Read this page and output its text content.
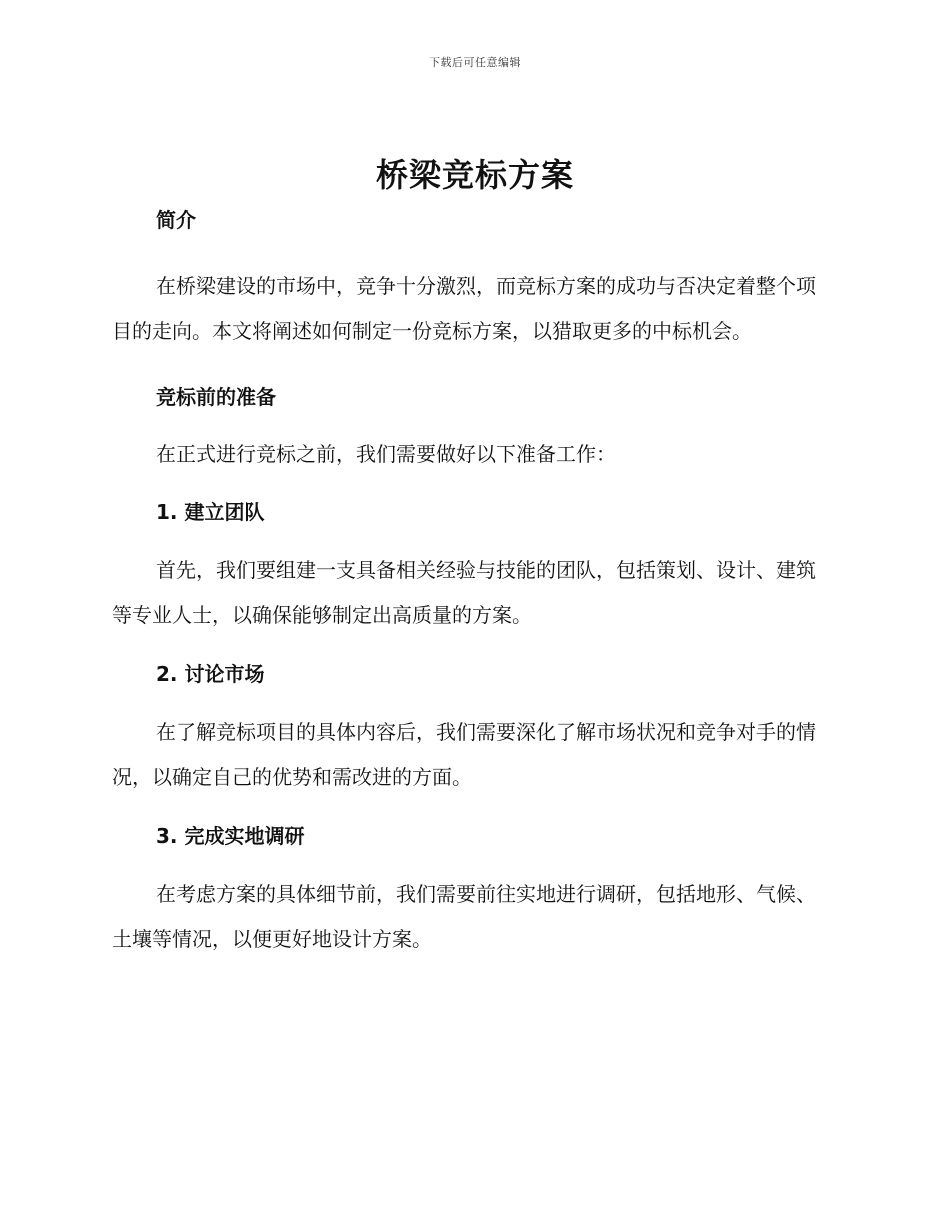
下载后可任意编辑
桥梁竞标方案
简介

在桥梁建设的市场中，竞争十分激烈，而竞标方案的成功与否决定着整个项目的走向。本文将阐述如何制定一份竞标方案，以猎取更多的中标机会。

竞标前的准备

在正式进行竞标之前，我们需要做好以下准备工作：

1. 建立团队

首先，我们要组建一支具备相关经验与技能的团队，包括策划、设计、建筑等专业人士，以确保能够制定出高质量的方案。

2. 讨论市场

在了解竞标项目的具体内容后，我们需要深化了解市场状况和竞争对手的情况，以确定自己的优势和需改进的方面。

3. 完成实地调研

在考虑方案的具体细节前，我们需要前往实地进行调研，包括地形、气候、土壤等情况，以便更好地设计方案。
